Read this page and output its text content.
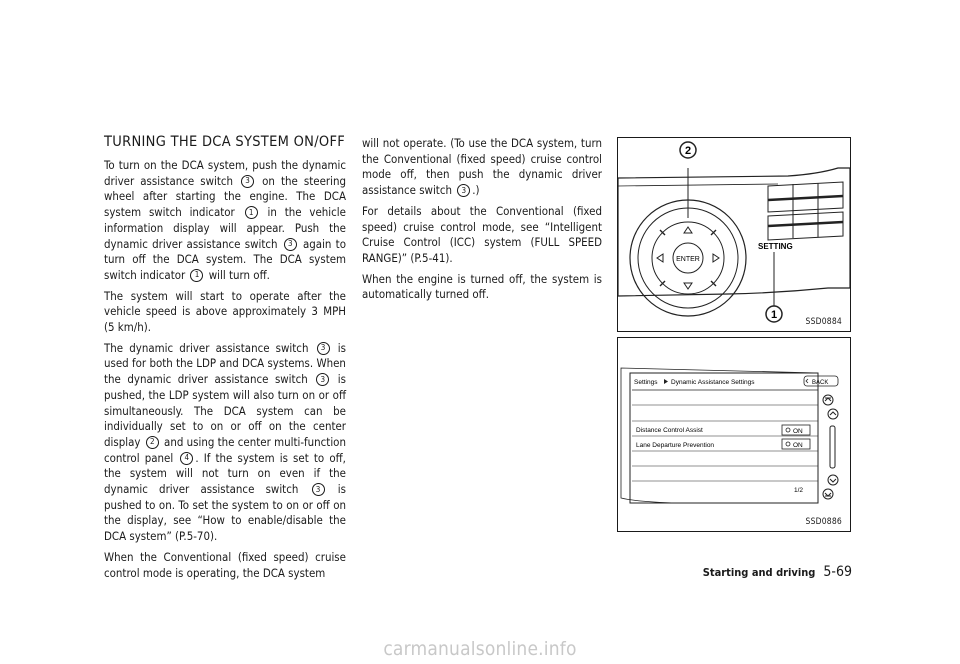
TURNING THE DCA SYSTEM ON/OFF

To turn on the DCA system, push the dynamic driver assistance switch 3 on the steering wheel after starting the engine. The DCA system switch indicator 1 in the vehicle information display will appear. Push the dynamic driver assistance switch 3 again to turn of the DCA system. The DCA system switch indicator 1 will turn of.

The system will start to operate after the vehicle speed is above approximately 3 MPH (5 km/h).

The dynamic driver assistance switch 3 is used for both the LDP and DCA systems. When the dynamic driver assistance switch 3 is pushed, the LDP system will also turn on or of simultaneously. The DCA system can be individually set to on or of on the center display 2 and using the center multi-function control panel 4 . If the system is set to of, the system will not turn on even if the dynamic driver assistance switch 3 is pushed to on. To set the system to on or of on the display, see “How to enable/disable the DCA system” (P.5-70).

When the Conventional (fxed speed) cruise control mode is operating, the DCA system

will not operate. (To use the DCA system, turn the Conventional (fxed speed) cruise control mode of, then push the dynamic driver assistance switch 3 .)

For details about the Conventional (fxed speed) cruise control mode, see “Intelligent Cruise Control (ICC) system (FULL SPEED RANGE)” (P.5-41).

When the engine is turned of, the system is automatically turned of.

ENTER
SETTING
2
1
SSD0884
Settings Dynamic Assistance Settings	BACK
Distance Control Assist	ON
Lane Departure Prevention	ON
1/2
SSD0886
Starting and driving 5-69
carmanualsonline.info
